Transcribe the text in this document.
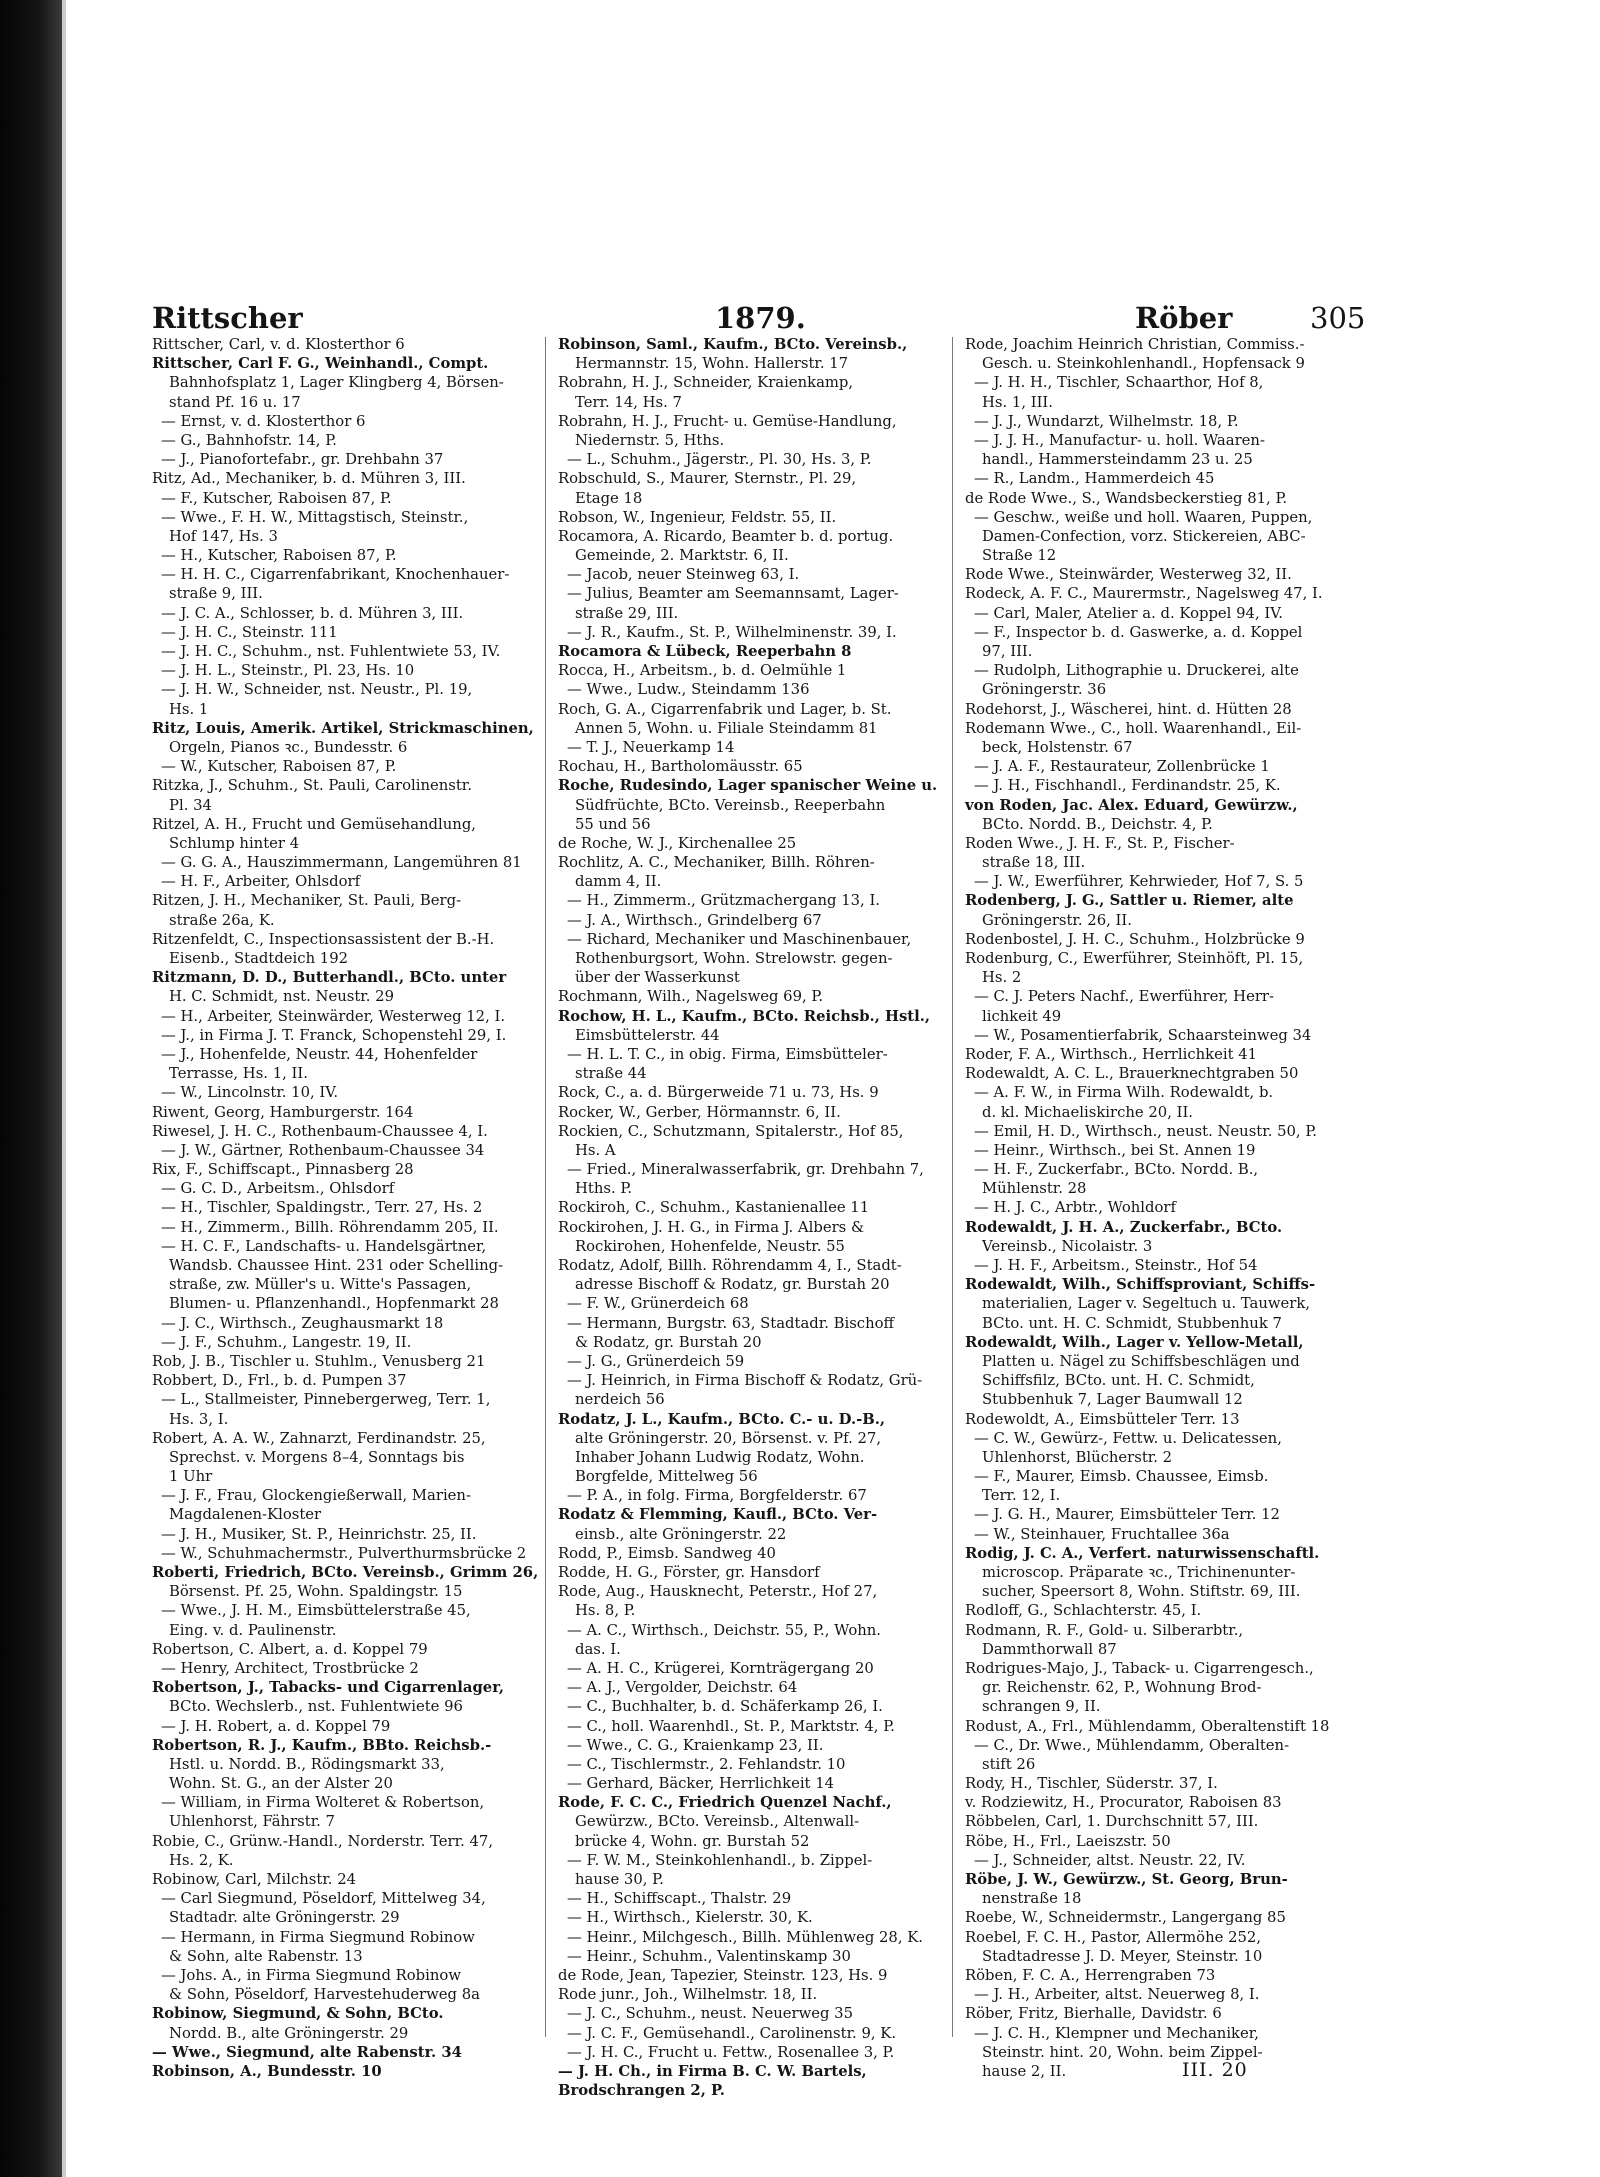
Rittscher	1879.	Röber	305
Rittscher, Carl, v. d. Klosterthor 6
Rittscher, Carl F. G., Weinhandl., Compt.
Bahnhofsplatz 1, Lager Klingberg 4, Börsen-
stand Pf. 16 u. 17
— Ernst, v. d. Klosterthor 6
— G., Bahnhofstr. 14, P.
— J., Pianofortefabr., gr. Drehbahn 37
Ritz, Ad., Mechaniker, b. d. Mühren 3, III.
— F., Kutscher, Raboisen 87, P.
— Wwe., F. H. W., Mittagstisch, Steinstr.,
Hof 147, Hs. 3
— H., Kutscher, Raboisen 87, P.
— H. H. C., Cigarrenfabrikant, Knochenhauer-
straße 9, III.
— J. C. A., Schlosser, b. d. Mühren 3, III.
— J. H. C., Steinstr. 111
— J. H. C., Schuhm., nst. Fuhlentwiete 53, IV.
— J. H. L., Steinstr., Pl. 23, Hs. 10
— J. H. W., Schneider, nst. Neustr., Pl. 19,
Hs. 1
Ritz, Louis, Amerik. Artikel, Strickmaschinen,
Orgeln, Pianos ꝛc., Bundesstr. 6
— W., Kutscher, Raboisen 87, P.
Ritzka, J., Schuhm., St. Pauli, Carolinenstr.
Pl. 34
Ritzel, A. H., Frucht und Gemüsehandlung,
Schlump hinter 4
— G. G. A., Hauszimmermann, Langemühren 81
— H. F., Arbeiter, Ohlsdorf
Ritzen, J. H., Mechaniker, St. Pauli, Berg-
straße 26a, K.
Ritzenfeldt, C., Inspectionsassistent der B.-H.
Eisenb., Stadtdeich 192
Ritzmann, D. D., Butterhandl., BCto. unter
H. C. Schmidt, nst. Neustr. 29
— H., Arbeiter, Steinwärder, Westerweg 12, I.
— J., in Firma J. T. Franck, Schopenstehl 29, I.
— J., Hohenfelde, Neustr. 44, Hohenfelder
Terrasse, Hs. 1, II.
— W., Lincolnstr. 10, IV.
Riwent, Georg, Hamburgerstr. 164
Riwesel, J. H. C., Rothenbaum-Chaussee 4, I.
— J. W., Gärtner, Rothenbaum-Chaussee 34
Rix, F., Schiffscapt., Pinnasberg 28
— G. C. D., Arbeitsm., Ohlsdorf
— H., Tischler, Spaldingstr., Terr. 27, Hs. 2
— H., Zimmerm., Billh. Röhrendamm 205, II.
— H. C. F., Landschafts- u. Handelsgärtner,
Wandsb. Chaussee Hint. 231 oder Schelling-
straße, zw. Müller's u. Witte's Passagen,
Blumen- u. Pflanzenhandl., Hopfenmarkt 28
— J. C., Wirthsch., Zeughausmarkt 18
— J. F., Schuhm., Langestr. 19, II.
Rob, J. B., Tischler u. Stuhlm., Venusberg 21
Robbert, D., Frl., b. d. Pumpen 37
— L., Stallmeister, Pinnebergerweg, Terr. 1,
Hs. 3, I.
Robert, A. A. W., Zahnarzt, Ferdinandstr. 25,
Sprechst. v. Morgens 8–4, Sonntags bis
1 Uhr
— J. F., Frau, Glockengießerwall, Marien-
Magdalenen-Kloster
— J. H., Musiker, St. P., Heinrichstr. 25, II.
— W., Schuhmachermstr., Pulverthurmsbrücke 2
Roberti, Friedrich, BCto. Vereinsb., Grimm 26,
Börsenst. Pf. 25, Wohn. Spaldingstr. 15
— Wwe., J. H. M., Eimsbüttelerstraße 45,
Eing. v. d. Paulinenstr.
Robertson, C. Albert, a. d. Koppel 79
— Henry, Architect, Trostbrücke 2
Robertson, J., Tabacks- und Cigarrenlager,
BCto. Wechslerb., nst. Fuhlentwiete 96
— J. H. Robert, a. d. Koppel 79
Robertson, R. J., Kaufm., BBto. Reichsb.-
Hstl. u. Nordd. B., Rödingsmarkt 33,
Wohn. St. G., an der Alster 20
— William, in Firma Wolteret & Robertson,
Uhlenhorst, Fährstr. 7
Robie, C., Grünw.-Handl., Norderstr. Terr. 47,
Hs. 2, K.
Robinow, Carl, Milchstr. 24
— Carl Siegmund, Pöseldorf, Mittelweg 34,
Stadtadr. alte Gröningerstr. 29
— Hermann, in Firma Siegmund Robinow
& Sohn, alte Rabenstr. 13
— Johs. A., in Firma Siegmund Robinow
& Sohn, Pöseldorf, Harvestehuderweg 8a
Robinow, Siegmund, & Sohn, BCto.
Nordd. B., alte Gröningerstr. 29
— Wwe., Siegmund, alte Rabenstr. 34
Robinson, A., Bundesstr. 10
Robinson, Saml., Kaufm., BCto. Vereinsb.,
Hermannstr. 15, Wohn. Hallerstr. 17
Robrahn, H. J., Schneider, Kraienkamp,
Terr. 14, Hs. 7
Robrahn, H. J., Frucht- u. Gemüse-Handlung,
Niedernstr. 5, Hths.
— L., Schuhm., Jägerstr., Pl. 30, Hs. 3, P.
Robschuld, S., Maurer, Sternstr., Pl. 29,
Etage 18
Robson, W., Ingenieur, Feldstr. 55, II.
Rocamora, A. Ricardo, Beamter b. d. portug.
Gemeinde, 2. Marktstr. 6, II.
— Jacob, neuer Steinweg 63, I.
— Julius, Beamter am Seemannsamt, Lager-
straße 29, III.
— J. R., Kaufm., St. P., Wilhelminenstr. 39, I.
Rocamora & Lübeck, Reeperbahn 8
Rocca, H., Arbeitsm., b. d. Oelmühle 1
— Wwe., Ludw., Steindamm 136
Roch, G. A., Cigarrenfabrik und Lager, b. St.
Annen 5, Wohn. u. Filiale Steindamm 81
— T. J., Neuerkamp 14
Rochau, H., Bartholomäusstr. 65
Roche, Rudesindo, Lager spanischer Weine u.
Südfrüchte, BCto. Vereinsb., Reeperbahn
55 und 56
de Roche, W. J., Kirchenallee 25
Rochlitz, A. C., Mechaniker, Billh. Röhren-
damm 4, II.
— H., Zimmerm., Grützmachergang 13, I.
— J. A., Wirthsch., Grindelberg 67
— Richard, Mechaniker und Maschinenbauer,
Rothenburgsort, Wohn. Strelowstr. gegen-
über der Wasserkunst
Rochmann, Wilh., Nagelsweg 69, P.
Rochow, H. L., Kaufm., BCto. Reichsb., Hstl.,
Eimsbüttelerstr. 44
— H. L. T. C., in obig. Firma, Eimsbütteler-
straße 44
Rock, C., a. d. Bürgerweide 71 u. 73, Hs. 9
Rocker, W., Gerber, Hörmannstr. 6, II.
Rockien, C., Schutzmann, Spitalerstr., Hof 85,
Hs. A
— Fried., Mineralwasserfabrik, gr. Drehbahn 7,
Hths. P.
Rockiroh, C., Schuhm., Kastanienallee 11
Rockirohen, J. H. G., in Firma J. Albers &
Rockirohen, Hohenfelde, Neustr. 55
Rodatz, Adolf, Billh. Röhrendamm 4, I., Stadt-
adresse Bischoff & Rodatz, gr. Burstah 20
— F. W., Grünerdeich 68
— Hermann, Burgstr. 63, Stadtadr. Bischoff
& Rodatz, gr. Burstah 20
— J. G., Grünerdeich 59
— J. Heinrich, in Firma Bischoff & Rodatz, Grü-
nerdeich 56
Rodatz, J. L., Kaufm., BCto. C.- u. D.-B.,
alte Gröningerstr. 20, Börsenst. v. Pf. 27,
Inhaber Johann Ludwig Rodatz, Wohn.
Borgfelde, Mittelweg 56
— P. A., in folg. Firma, Borgfelderstr. 67
Rodatz & Flemming, Kaufl., BCto. Ver-
einsb., alte Gröningerstr. 22
Rodd, P., Eimsb. Sandweg 40
Rodde, H. G., Förster, gr. Hansdorf
Rode, Aug., Hausknecht, Peterstr., Hof 27,
Hs. 8, P.
— A. C., Wirthsch., Deichstr. 55, P., Wohn.
das. I.
— A. H. C., Krügerei, Kornträgergang 20
— A. J., Vergolder, Deichstr. 64
— C., Buchhalter, b. d. Schäferkamp 26, I.
— C., holl. Waarenhdl., St. P., Marktstr. 4, P.
— Wwe., C. G., Kraienkamp 23, II.
— C., Tischlermstr., 2. Fehlandstr. 10
— Gerhard, Bäcker, Herrlichkeit 14
Rode, F. C. C., Friedrich Quenzel Nachf.,
Gewürzw., BCto. Vereinsb., Altenwall-
brücke 4, Wohn. gr. Burstah 52
— F. W. M., Steinkohlenhandl., b. Zippel-
hause 30, P.
— H., Schiffscapt., Thalstr. 29
— H., Wirthsch., Kielerstr. 30, K.
— Heinr., Milchgesch., Billh. Mühlenweg 28, K.
— Heinr., Schuhm., Valentinskamp 30
de Rode, Jean, Tapezier, Steinstr. 123, Hs. 9
Rode junr., Joh., Wilhelmstr. 18, II.
— J. C., Schuhm., neust. Neuerweg 35
— J. C. F., Gemüsehandl., Carolinenstr. 9, K.
— J. H. C., Frucht u. Fettw., Rosenallee 3, P.
— J. H. Ch., in Firma B. C. W. Bartels,
Brodschrangen 2, P.
Rode, Joachim Heinrich Christian, Commiss.-
Gesch. u. Steinkohlenhandl., Hopfensack 9
— J. H. H., Tischler, Schaarthor, Hof 8,
Hs. 1, III.
— J. J., Wundarzt, Wilhelmstr. 18, P.
— J. J. H., Manufactur- u. holl. Waaren-
handl., Hammersteindamm 23 u. 25
— R., Landm., Hammerdeich 45
de Rode Wwe., S., Wandsbeckerstieg 81, P.
— Geschw., weiße und holl. Waaren, Puppen,
Damen-Confection, vorz. Stickereien, ABC-
Straße 12
Rode Wwe., Steinwärder, Westerweg 32, II.
Rodeck, A. F. C., Maurermstr., Nagelsweg 47, I.
— Carl, Maler, Atelier a. d. Koppel 94, IV.
— F., Inspector b. d. Gaswerke, a. d. Koppel
97, III.
— Rudolph, Lithographie u. Druckerei, alte
Gröningerstr. 36
Rodehorst, J., Wäscherei, hint. d. Hütten 28
Rodemann Wwe., C., holl. Waarenhandl., Eil-
beck, Holstenstr. 67
— J. A. F., Restaurateur, Zollenbrücke 1
— J. H., Fischhandl., Ferdinandstr. 25, K.
von Roden, Jac. Alex. Eduard, Gewürzw.,
BCto. Nordd. B., Deichstr. 4, P.
Roden Wwe., J. H. F., St. P., Fischer-
straße 18, III.
— J. W., Ewerführer, Kehrwieder, Hof 7, S. 5
Rodenberg, J. G., Sattler u. Riemer, alte
Gröningerstr. 26, II.
Rodenbostel, J. H. C., Schuhm., Holzbrücke 9
Rodenburg, C., Ewerführer, Steinhöft, Pl. 15,
Hs. 2
— C. J. Peters Nachf., Ewerführer, Herr-
lichkeit 49
— W., Posamentierfabrik, Schaarsteinweg 34
Roder, F. A., Wirthsch., Herrlichkeit 41
Rodewaldt, A. C. L., Brauerknechtgraben 50
— A. F. W., in Firma Wilh. Rodewaldt, b.
d. kl. Michaeliskirche 20, II.
— Emil, H. D., Wirthsch., neust. Neustr. 50, P.
— Heinr., Wirthsch., bei St. Annen 19
— H. F., Zuckerfabr., BCto. Nordd. B.,
Mühlenstr. 28
— H. J. C., Arbtr., Wohldorf
Rodewaldt, J. H. A., Zuckerfabr., BCto.
Vereinsb., Nicolaistr. 3
— J. H. F., Arbeitsm., Steinstr., Hof 54
Rodewaldt, Wilh., Schiffsproviant, Schiffs-
materialien, Lager v. Segeltuch u. Tauwerk,
BCto. unt. H. C. Schmidt, Stubbenhuk 7
Rodewaldt, Wilh., Lager v. Yellow-Metall,
Platten u. Nägel zu Schiffsbeschlägen und
Schiffsfilz, BCto. unt. H. C. Schmidt,
Stubbenhuk 7, Lager Baumwall 12
Rodewoldt, A., Eimsbütteler Terr. 13
— C. W., Gewürz-, Fettw. u. Delicatessen,
Uhlenhorst, Blücherstr. 2
— F., Maurer, Eimsb. Chaussee, Eimsb.
Terr. 12, I.
— J. G. H., Maurer, Eimsbütteler Terr. 12
— W., Steinhauer, Fruchtallee 36a
Rodig, J. C. A., Verfert. naturwissenschaftl.
microscop. Präparate ꝛc., Trichinenunter-
sucher, Speersort 8, Wohn. Stiftstr. 69, III.
Rodloff, G., Schlachterstr. 45, I.
Rodmann, R. F., Gold- u. Silberarbtr.,
Dammthorwall 87
Rodrigues-Majo, J., Taback- u. Cigarrengesch.,
gr. Reichenstr. 62, P., Wohnung Brod-
schrangen 9, II.
Rodust, A., Frl., Mühlendamm, Oberaltenstift 18
— C., Dr. Wwe., Mühlendamm, Oberalten-
stift 26
Rody, H., Tischler, Süderstr. 37, I.
v. Rodziewitz, H., Procurator, Raboisen 83
Röbbelen, Carl, 1. Durchschnitt 57, III.
Röbe, H., Frl., Laeiszstr. 50
— J., Schneider, altst. Neustr. 22, IV.
Röbe, J. W., Gewürzw., St. Georg, Brun-
nenstraße 18
Roebe, W., Schneidermstr., Langergang 85
Roebel, F. C. H., Pastor, Allermöhe 252,
Stadtadresse J. D. Meyer, Steinstr. 10
Röben, F. C. A., Herrengraben 73
— J. H., Arbeiter, altst. Neuerweg 8, I.
Röber, Fritz, Bierhalle, Davidstr. 6
— J. C. H., Klempner und Mechaniker,
Steinstr. hint. 20, Wohn. beim Zippel-
hause 2, II.	III. 20
